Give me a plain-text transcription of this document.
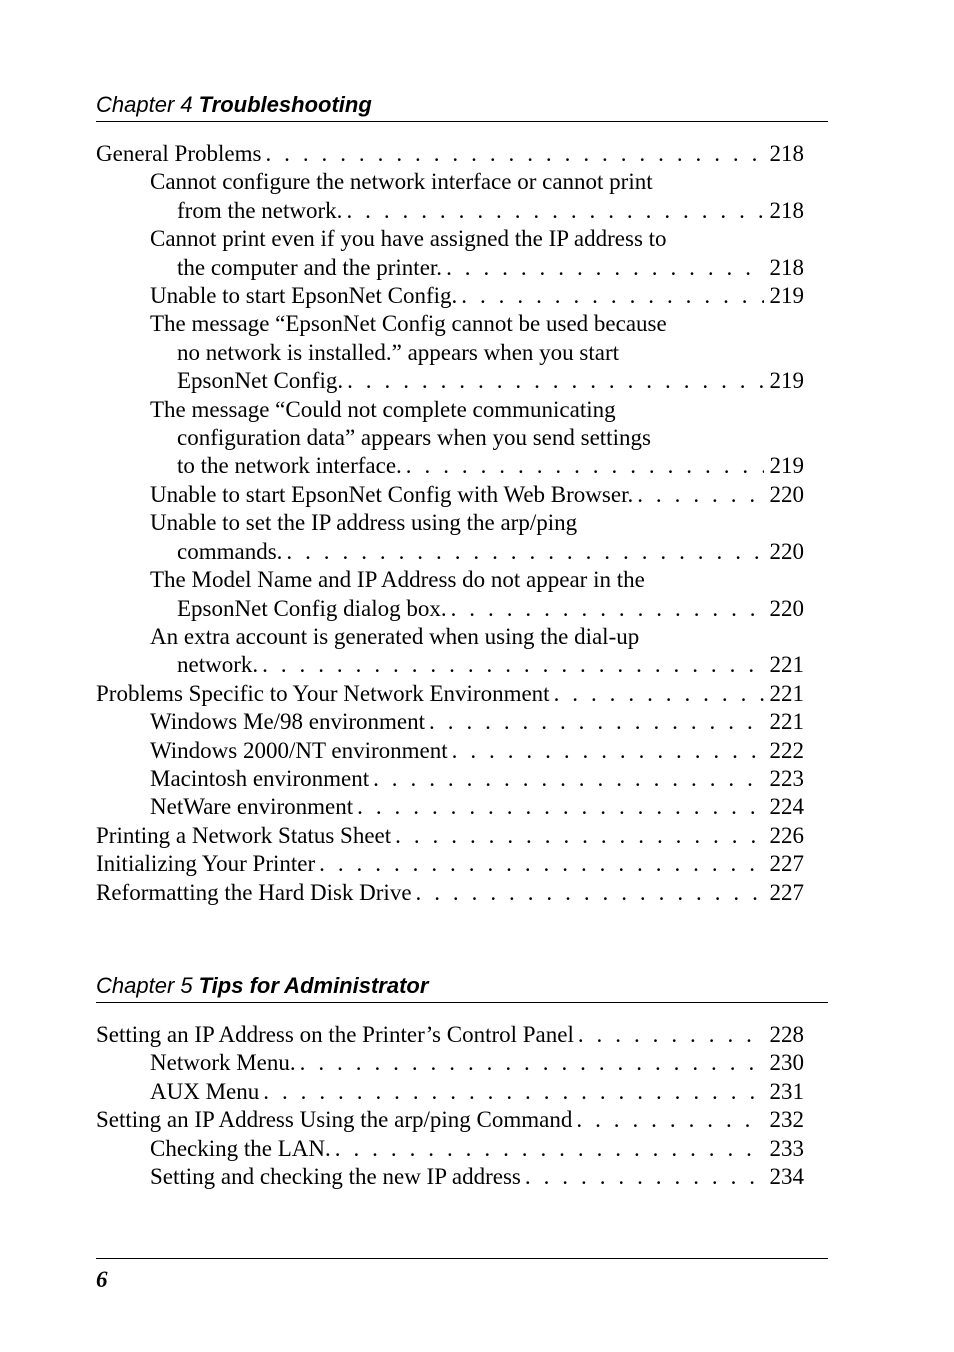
Chapter 4 Troubleshooting
General Problems . . .	218
Cannot configure the network interface or cannot print
from the network. . . .	218
Cannot print even if you have assigned the IP address to
the computer and the printer. . . .	218
Unable to start EpsonNet Config. . . .	219
The message “EpsonNet Config cannot be used because
no network is installed.” appears when you start
EpsonNet Config. . . .	219
The message “Could not complete communicating
configuration data” appears when you send settings
to the network interface. . . .	219
Unable to start EpsonNet Config with Web Browser. . . .	220
Unable to set the IP address using the arp/ping
commands. . . .	220
The Model Name and IP Address do not appear in the
EpsonNet Config dialog box. . . .	220
An extra account is generated when using the dial-up
network. . . .	221
Problems Specific to Your Network Environment . . .	221
Windows Me/98 environment . . .	221
Windows 2000/NT environment . . .	222
Macintosh environment . . .	223
NetWare environment . . .	224
Printing a Network Status Sheet . . .	226
Initializing Your Printer . . .	227
Reformatting the Hard Disk Drive . . .	227
Chapter 5 Tips for Administrator
Setting an IP Address on the Printer’s Control Panel . . .	228
Network Menu. . . .	230
AUX Menu . . .	231
Setting an IP Address Using the arp/ping Command . . .	232
Checking the LAN. . . .	233
Setting and checking the new IP address . . .	234
6
